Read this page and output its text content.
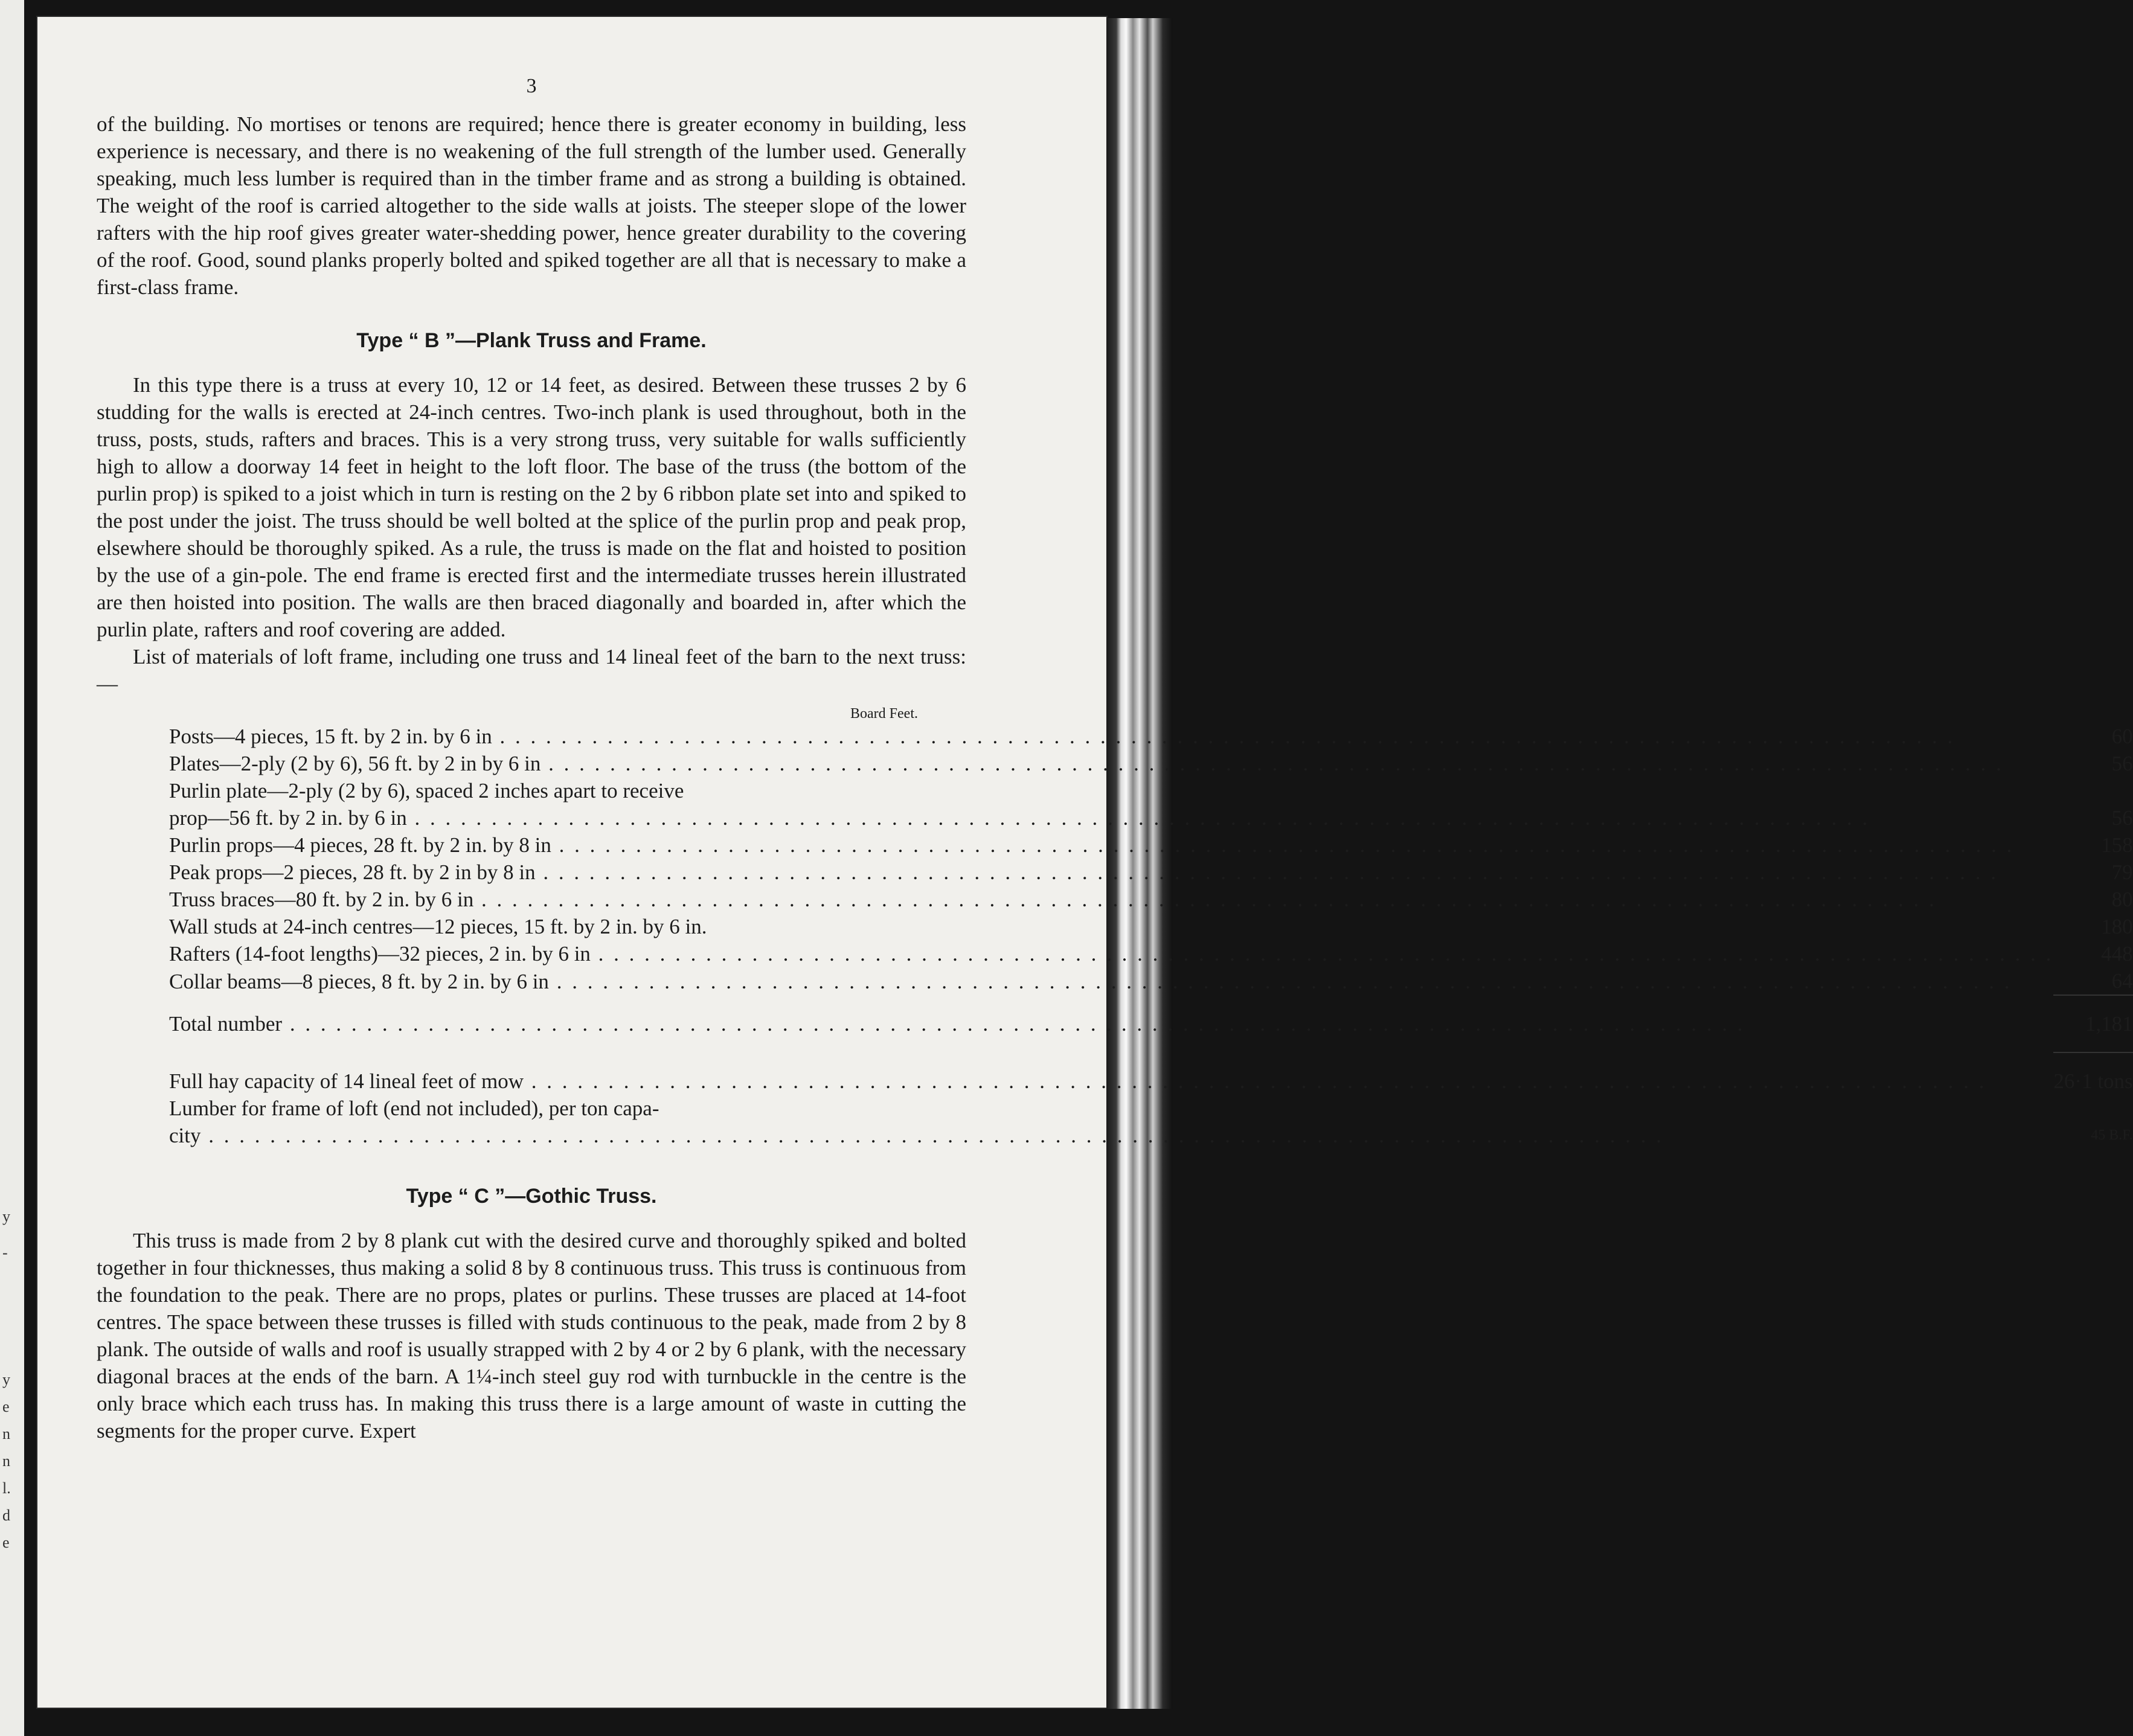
y
-
y
e
n
n
l.
d
e
3

of the building. No mortises or tenons are required; hence there is greater economy in building, less experience is necessary, and there is no weakening of the full strength of the lumber used. Generally speaking, much less lumber is required than in the timber frame and as strong a building is obtained. The weight of the roof is carried altogether to the side walls at joists. The steeper slope of the lower rafters with the hip roof gives greater water-shedding power, hence greater durability to the covering of the roof. Good, sound planks properly bolted and spiked together are all that is necessary to make a first-class frame.

Type “ B ”—Plank Truss and Frame.

In this type there is a truss at every 10, 12 or 14 feet, as desired. Between these trusses 2 by 6 studding for the walls is erected at 24-inch centres. Two-inch plank is used throughout, both in the truss, posts, studs, rafters and braces. This is a very strong truss, very suitable for walls sufficiently high to allow a doorway 14 feet in height to the loft floor. The base of the truss (the bottom of the purlin prop) is spiked to a joist which in turn is resting on the 2 by 6 ribbon plate set into and spiked to the post under the joist. The truss should be well bolted at the splice of the purlin prop and peak prop, elsewhere should be thoroughly spiked. As a rule, the truss is made on the flat and hoisted to position by the use of a gin-pole. The end frame is erected first and the intermediate trusses herein illustrated are then hoisted into position. The walls are then braced diagonally and boarded in, after which the purlin plate, rafters and roof covering are added.

List of materials of loft frame, including one truss and 14 lineal feet of the barn to the next truss:—

Board Feet.
Posts—4 pieces, 15 ft. by 2 in. by 6 in . . .	60

Plates—2-ply (2 by 6), 56 ft. by 2 in by 6 in . . .	56
Purlin plate—2-ply (2 by 6), spaced 2 inches apart to receive	

prop—56 ft. by 2 in. by 6 in . . .	56

Purlin props—4 pieces, 28 ft. by 2 in. by 8 in . . .	158

Peak props—2 pieces, 28 ft. by 2 in by 8 in . . .	79

Truss braces—80 ft. by 2 in. by 6 in . . .	80
Wall studs at 24-inch centres—12 pieces, 15 ft. by 2 in. by 6 in.	180

Rafters (14-foot lengths)—32 pieces, 2 in. by 6 in . . .	448

Collar beams—8 pieces, 8 ft. by 2 in. by 6 in . . .	64

Total number . . .	1,181

Full hay capacity of 14 lineal feet of mow . . .	26·1 tons
Lumber for frame of loft (end not included), per ton capa-	

city . . .	45 B.F.
Type “ C ”—Gothic Truss.

This truss is made from 2 by 8 plank cut with the desired curve and thoroughly spiked and bolted together in four thicknesses, thus making a solid 8 by 8 continuous truss. This truss is continuous from the foundation to the peak. There are no props, plates or purlins. These trusses are placed at 14-foot centres. The space between these trusses is filled with studs continuous to the peak, made from 2 by 8 plank. The outside of walls and roof is usually strapped with 2 by 4 or 2 by 6 plank, with the necessary diagonal braces at the ends of the barn. A 1¼-inch steel guy rod with turnbuckle in the centre is the only brace which each truss has. In making this truss there is a large amount of waste in cutting the segments for the proper curve. Expert
